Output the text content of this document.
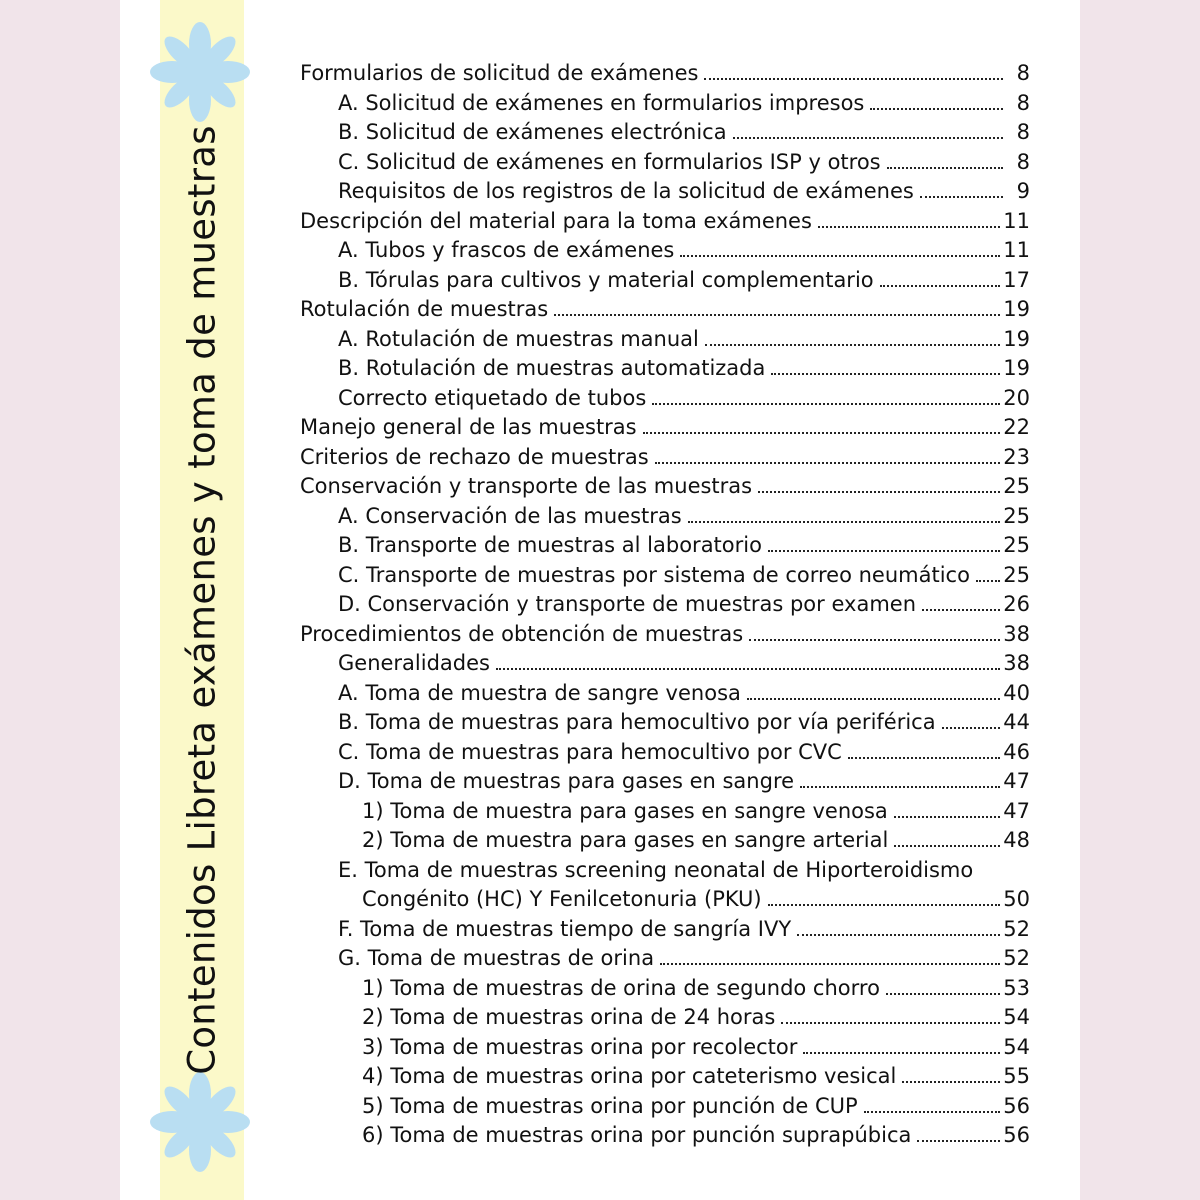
Contenidos Libreta exámenes y toma de muestras
Formularios de solicitud de exámenes	8
A. Solicitud de exámenes en formularios impresos	8
B. Solicitud de exámenes electrónica	8
C. Solicitud de exámenes en formularios ISP y otros	8
Requisitos de los registros de la solicitud de exámenes	9
Descripción del material para la toma exámenes	11
A. Tubos y frascos de exámenes	11
B. Tórulas para cultivos y material complementario	17
Rotulación de muestras	19
A. Rotulación de muestras manual	19
B. Rotulación de muestras automatizada	19
Correcto etiquetado de tubos	20
Manejo general de las muestras	22
Criterios de rechazo de muestras	23
Conservación y transporte de las muestras	25
A. Conservación de las muestras	25
B. Transporte de muestras al laboratorio	25
C. Transporte de muestras por sistema de correo neumático 25
D. Conservación y transporte de muestras por examen	26
Procedimientos de obtención de muestras	38
Generalidades	38
A. Toma de muestra de sangre venosa	40
B. Toma de muestras para hemocultivo por vía periférica	44
C. Toma de muestras para hemocultivo por CVC	46
D. Toma de muestras para gases en sangre	47
1) Toma de muestra para gases en sangre venosa	47
2) Toma de muestra para gases en sangre arterial	48
E. Toma de muestras screening neonatal de Hiporteroidismo
Congénito (HC) Y Fenilcetonuria (PKU)	50
F. Toma de muestras tiempo de sangría IVY	52
G. Toma de muestras de orina	52
1) Toma de muestras de orina de segundo chorro	53
2) Toma de muestras orina de 24 horas	54
3) Toma de muestras orina por recolector	54
4) Toma de muestras orina por cateterismo vesical	55
5) Toma de muestras orina por punción de CUP	56
6) Toma de muestras orina por punción suprapúbica	56
